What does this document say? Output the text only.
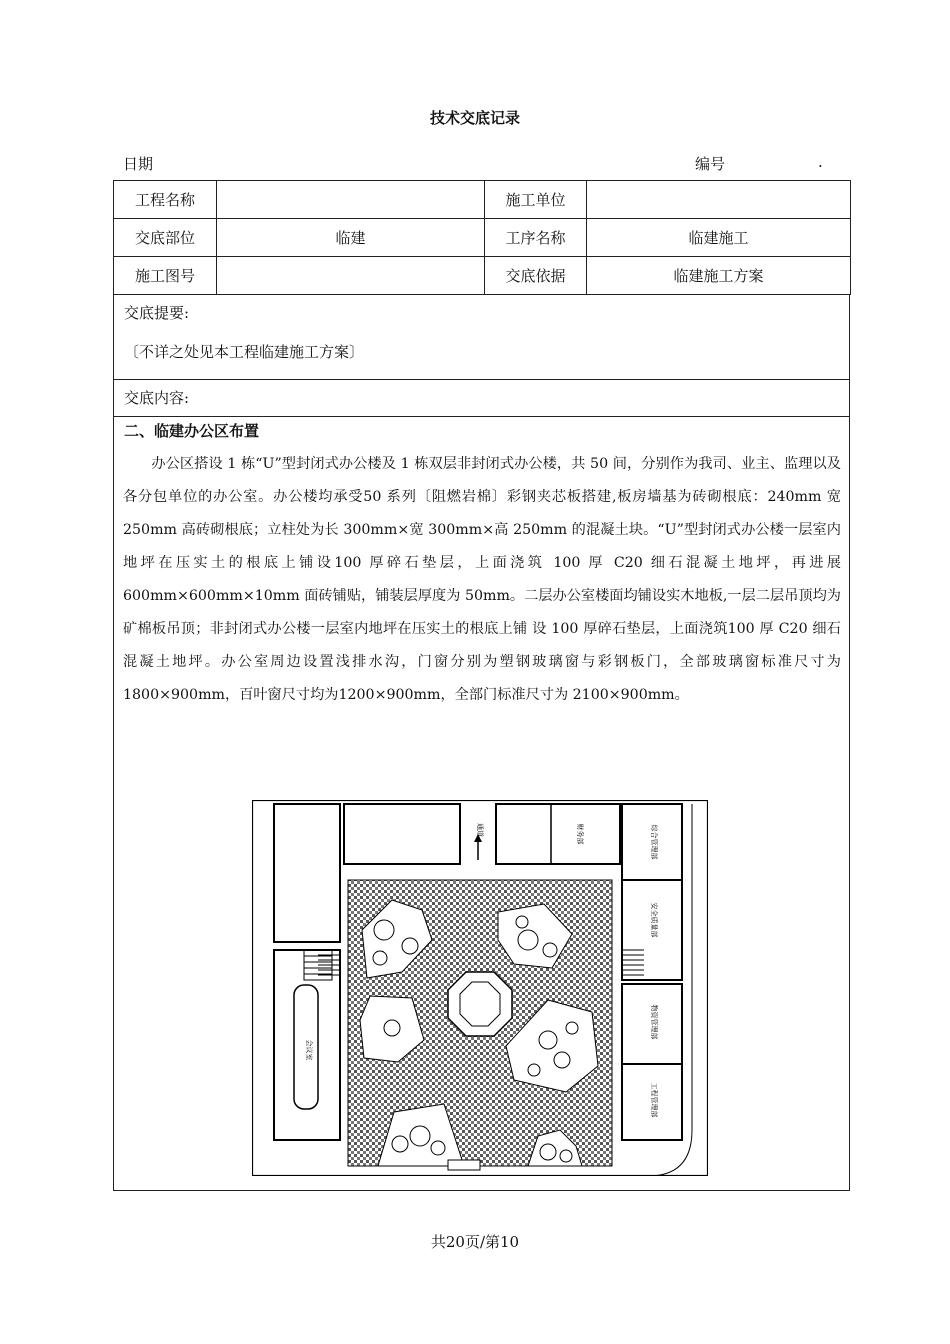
技术交底记录
日期	编号	.
工程名称		施工单位	
交底部位	临建	工序名称	临建施工
施工图号		交底依据	临建施工方案
交底提要:
〔不详之处见本工程临建施工方案〕
交底内容:
二、临建办公区布置
办公区搭设 1 栋“U”型封闭式办公楼及 1 栋双层非封闭式办公楼，共 50 间，分别作为我司、业主、监理以及各分包单位的办公室。办公楼均承受50 系列〔阻燃岩棉〕彩钢夹芯板搭建,板房墙基为砖砌根底：240mm 宽 250mm 高砖砌根底；立柱处为长 300mm×宽 300mm×高 250mm 的混凝土块。“U”型封闭式办公楼一层室内地坪在压实土的根底上铺设100 厚碎石垫层，上面浇筑 100 厚 C20 细石混凝土地坪，再进展 600mm×600mm×10mm 面砖铺贴，铺装层厚度为 50mm。二层办公室楼面均铺设实木地板,一层二层吊顶均为矿棉板吊顶；非封闭式办公楼一层室内地坪在压实土的根底上铺 设 100 厚碎石垫层，上面浇筑100 厚 C20 细石混凝土地坪。办公室周边设置浅排水沟，门窗分别为塑钢玻璃窗与彩钢板门，全部玻璃窗标准尺寸为1800×900mm，百叶窗尺寸均为1200×900mm，全部门标准尺寸为 2100×900mm。
通道
安全质量部
物资管理部
工程管理部
综合管理部
会议室
财务部
共20页/第10
